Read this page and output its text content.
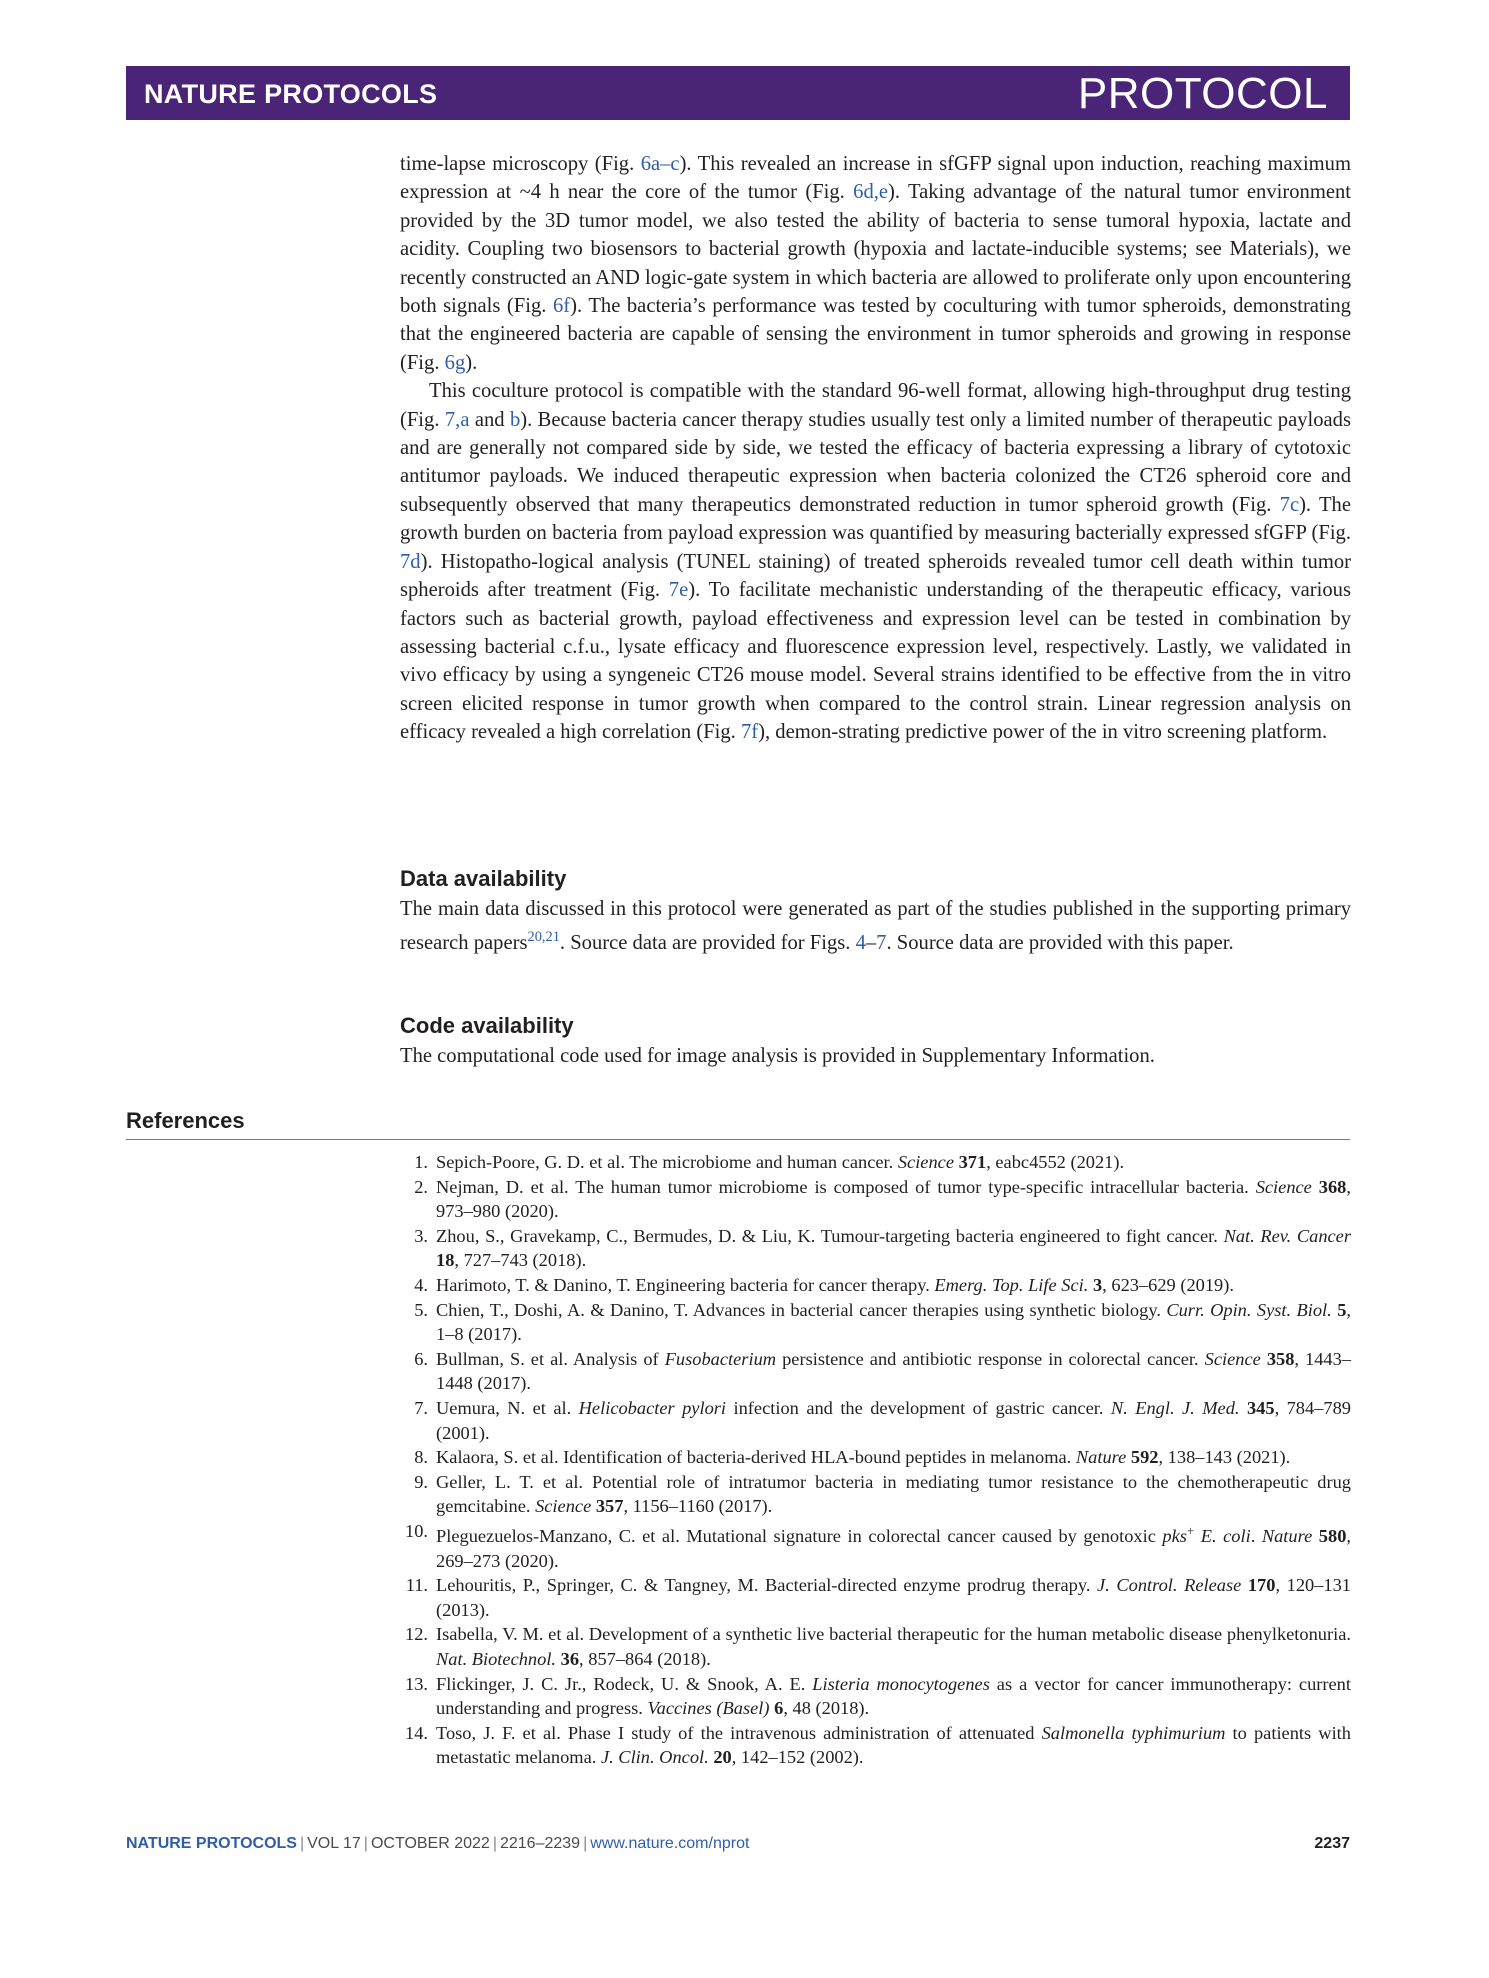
NATURE PROTOCOLS	PROTOCOL

time-lapse microscopy (Fig. 6a–c). This revealed an increase in sfGFP signal upon induction, reaching maximum expression at ~4 h near the core of the tumor (Fig. 6d,e). Taking advantage of the natural tumor environment provided by the 3D tumor model, we also tested the ability of bacteria to sense tumoral hypoxia, lactate and acidity. Coupling two biosensors to bacterial growth (hypoxia and lactate-inducible systems; see Materials), we recently constructed an AND logic-gate system in which bacteria are allowed to proliferate only upon encountering both signals (Fig. 6f). The bacteria’s performance was tested by coculturing with tumor spheroids, demonstrating that the engineered bacteria are capable of sensing the environment in tumor spheroids and growing in response (Fig. 6g).

This coculture protocol is compatible with the standard 96-well format, allowing high-throughput drug testing (Fig. 7,a and b). Because bacteria cancer therapy studies usually test only a limited number of therapeutic payloads and are generally not compared side by side, we tested the efficacy of bacteria expressing a library of cytotoxic antitumor payloads. We induced therapeutic expression when bacteria colonized the CT26 spheroid core and subsequently observed that many therapeutics demonstrated reduction in tumor spheroid growth (Fig. 7c). The growth burden on bacteria from payload expression was quantified by measuring bacterially expressed sfGFP (Fig. 7d). Histopatho-logical analysis (TUNEL staining) of treated spheroids revealed tumor cell death within tumor spheroids after treatment (Fig. 7e). To facilitate mechanistic understanding of the therapeutic efficacy, various factors such as bacterial growth, payload effectiveness and expression level can be tested in combination by assessing bacterial c.f.u., lysate efficacy and fluorescence expression level, respectively. Lastly, we validated in vivo efficacy by using a syngeneic CT26 mouse model. Several strains identified to be effective from the in vitro screen elicited response in tumor growth when compared to the control strain. Linear regression analysis on efficacy revealed a high correlation (Fig. 7f), demon-strating predictive power of the in vitro screening platform.

Data availability

The main data discussed in this protocol were generated as part of the studies published in the supporting primary research papers$^{20,21}$. Source data are provided for Figs. 4–7. Source data are provided with this paper.

Code availability

The computational code used for image analysis is provided in Supplementary Information.

References
1. Sepich-Poore, G. D. et al. The microbiome and human cancer. Science 371, eabc4552 (2021).
2. Nejman, D. et al. The human tumor microbiome is composed of tumor type-specific intracellular bacteria. Science 368, 973–980 (2020).
3. Zhou, S., Gravekamp, C., Bermudes, D. & Liu, K. Tumour-targeting bacteria engineered to fight cancer. Nat. Rev. Cancer 18, 727–743 (2018).
4. Harimoto, T. & Danino, T. Engineering bacteria for cancer therapy. Emerg. Top. Life Sci. 3, 623–629 (2019).
5. Chien, T., Doshi, A. & Danino, T. Advances in bacterial cancer therapies using synthetic biology. Curr. Opin. Syst. Biol. 5, 1–8 (2017).
6. Bullman, S. et al. Analysis of Fusobacterium persistence and antibiotic response in colorectal cancer. Science 358, 1443–1448 (2017).
7. Uemura, N. et al. Helicobacter pylori infection and the development of gastric cancer. N. Engl. J. Med. 345, 784–789 (2001).
8. Kalaora, S. et al. Identification of bacteria-derived HLA-bound peptides in melanoma. Nature 592, 138–143 (2021).
9. Geller, L. T. et al. Potential role of intratumor bacteria in mediating tumor resistance to the chemotherapeutic drug gemcitabine. Science 357, 1156–1160 (2017).
10. Pleguezuelos-Manzano, C. et al. Mutational signature in colorectal cancer caused by genotoxic pks+ E. coli. Nature 580, 269–273 (2020).
11. Lehouritis, P., Springer, C. & Tangney, M. Bacterial-directed enzyme prodrug therapy. J. Control. Release 170, 120–131 (2013).
12. Isabella, V. M. et al. Development of a synthetic live bacterial therapeutic for the human metabolic disease phenylketonuria. Nat. Biotechnol. 36, 857–864 (2018).
13. Flickinger, J. C. Jr., Rodeck, U. & Snook, A. E. Listeria monocytogenes as a vector for cancer immunotherapy: current understanding and progress. Vaccines (Basel) 6, 48 (2018).
14. Toso, J. F. et al. Phase I study of the intravenous administration of attenuated Salmonella typhimurium to patients with metastatic melanoma. J. Clin. Oncol. 20, 142–152 (2002).
NATURE PROTOCOLS | VOL 17 | OCTOBER 2022 | 2216–2239 | www.nature.com/nprot	2237
